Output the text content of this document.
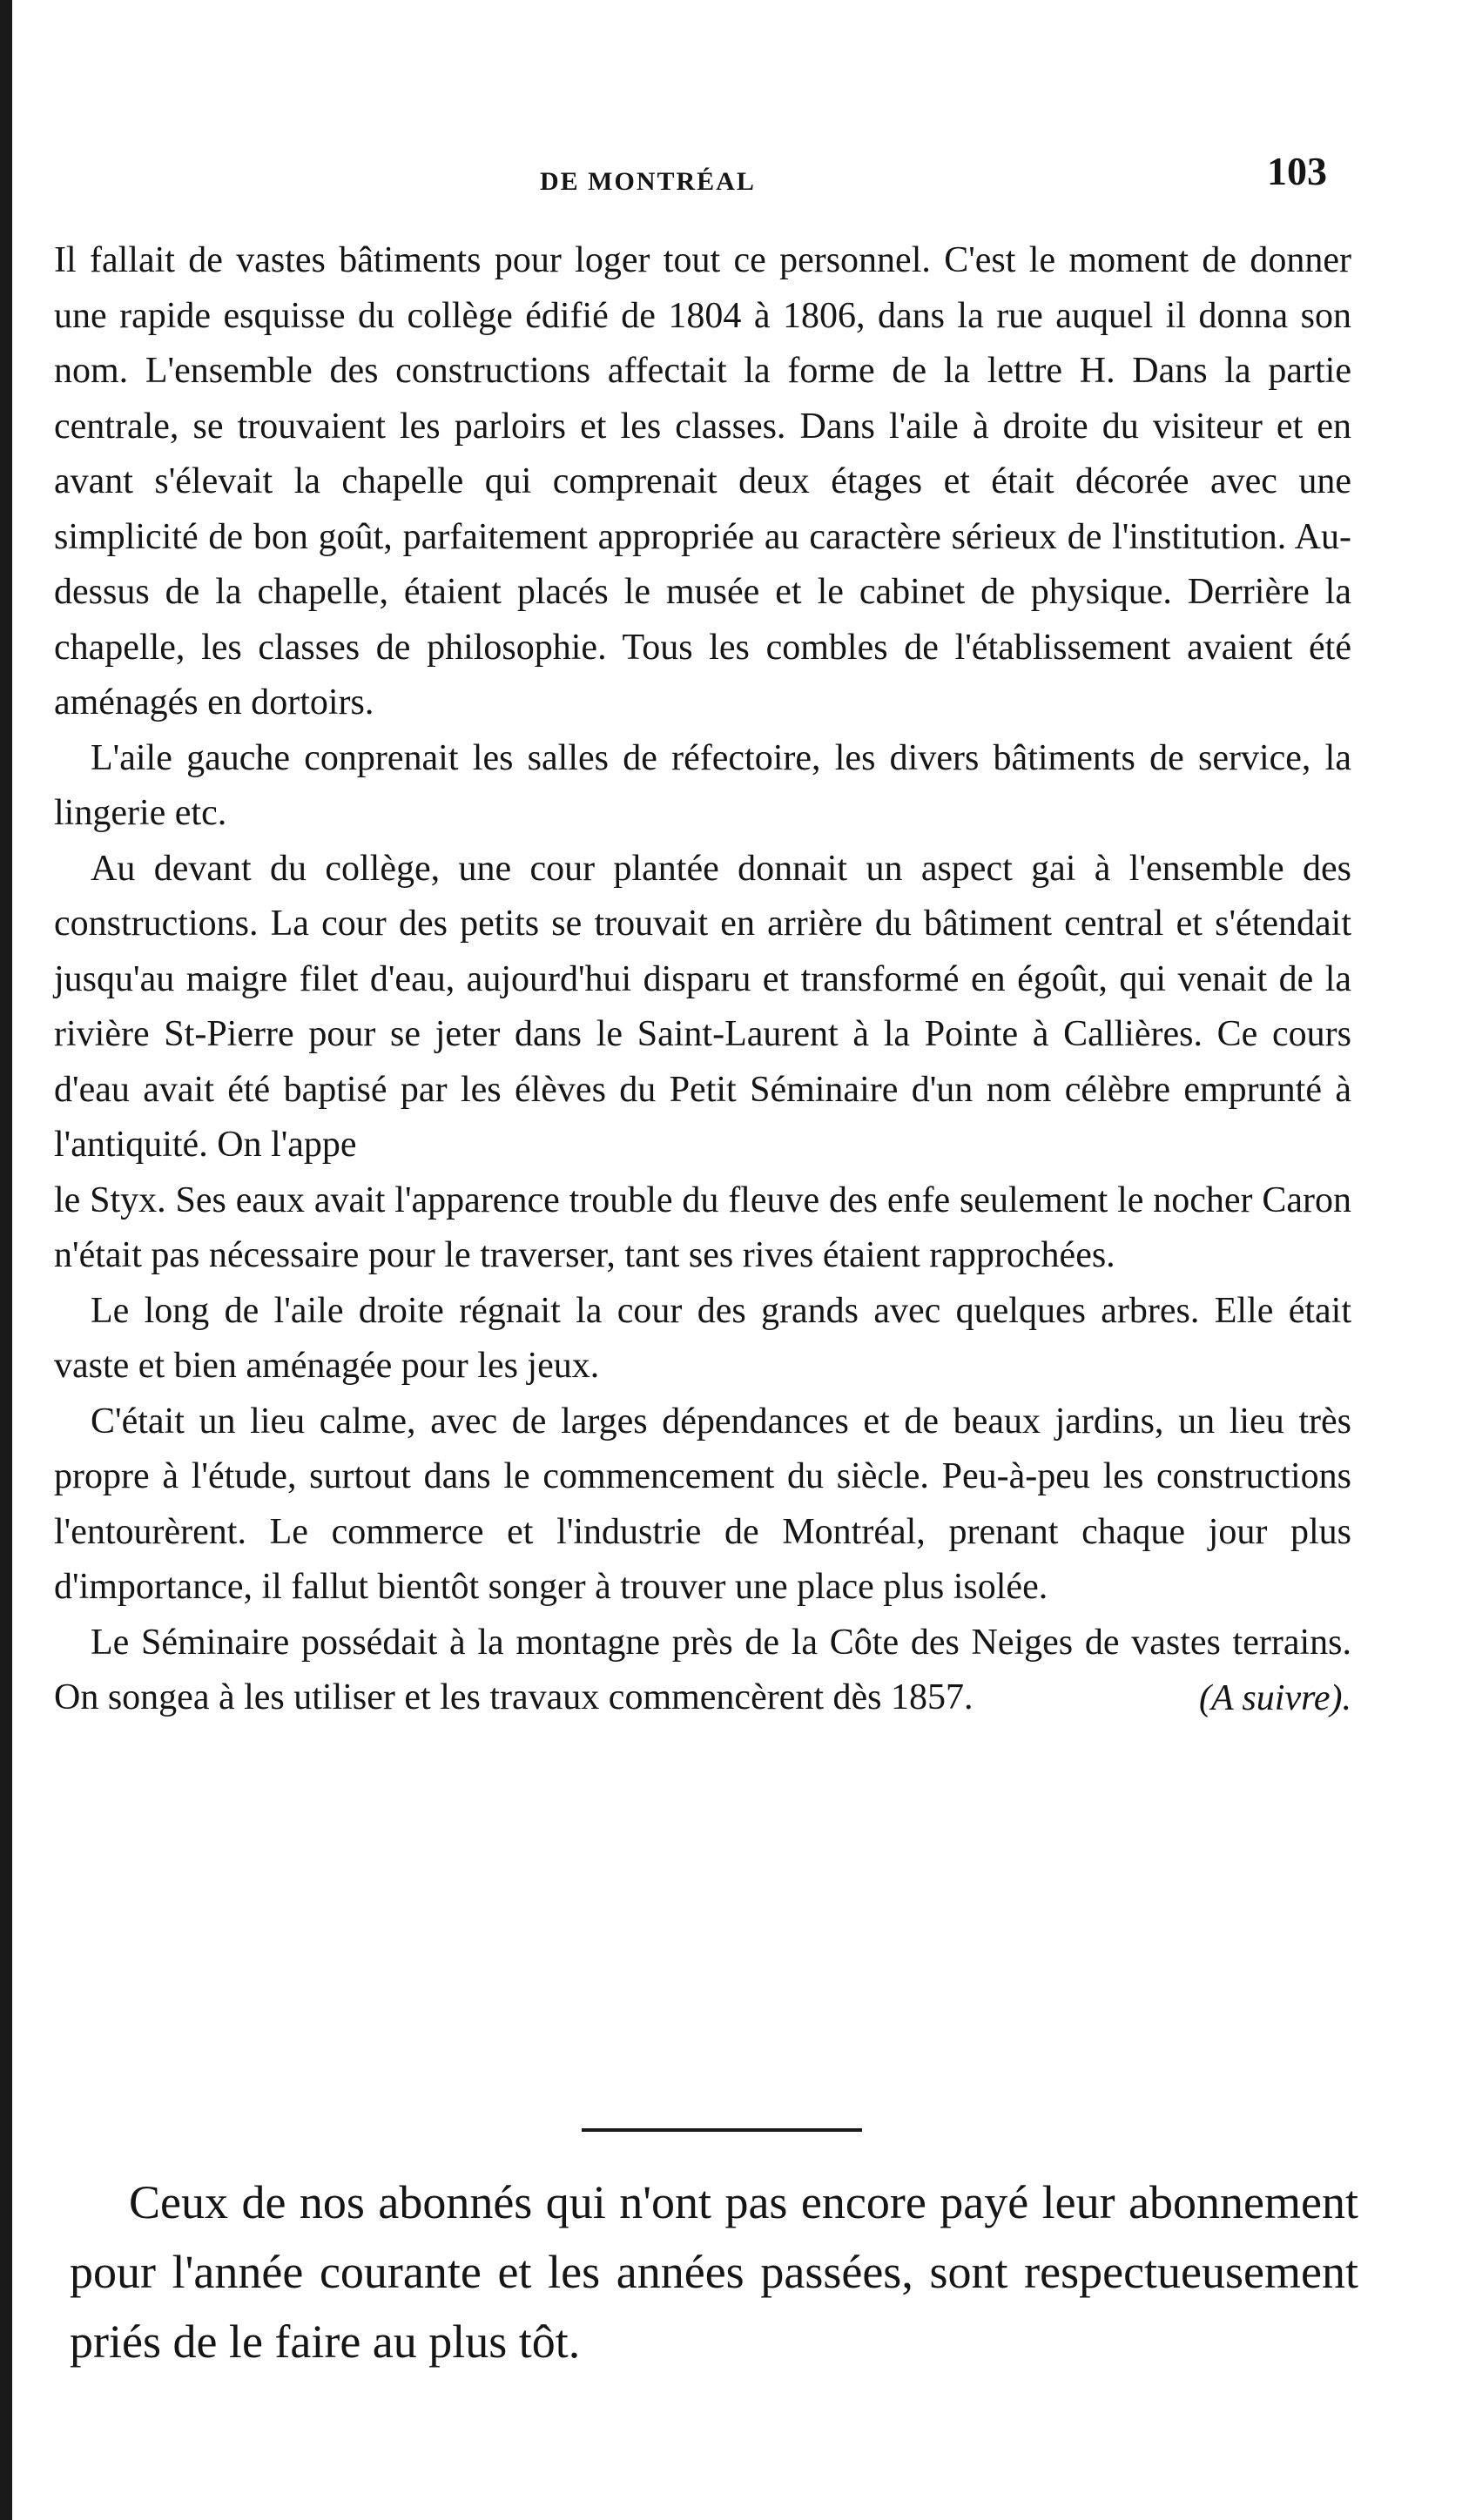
DE MONTRÉAL	103

Il fallait de vastes bâtiments pour loger tout ce personnel. C'est le moment de donner une rapide esquisse du collège édifié de 1804 à 1806, dans la rue auquel il donna son nom. L'ensemble des constructions affectait la forme de la lettre H. Dans la partie centrale, se trouvaient les parloirs et les classes. Dans l'aile à droite du visiteur et en avant s'élevait la chapelle qui comprenait deux étages et était décorée avec une simplicité de bon goût, parfaitement appropriée au caractère sérieux de l'institution. Au-dessus de la chapelle, étaient placés le musée et le cabinet de physique. Derrière la chapelle, les classes de philosophie. Tous les combles de l'établissement avaient été aménagés en dortoirs.

L'aile gauche conprenait les salles de réfectoire, les divers bâtiments de service, la lingerie etc.

Au devant du collège, une cour plantée donnait un aspect gai à l'ensemble des constructions. La cour des petits se trouvait en arrière du bâtiment central et s'étendait jusqu'au maigre filet d'eau, aujourd'hui disparu et transformé en égoût, qui venait de la rivière St-Pierre pour se jeter dans le Saint-Laurent à la Pointe à Callières. Ce cours d'eau avait été baptisé par les élèves du Petit Séminaire d'un nom célèbre emprunté à l'antiquité. On l'appe

le Styx. Ses eaux avait l'apparence trouble du fleuve des enfe seulement le nocher Caron n'était pas nécessaire pour le traverser, tant ses rives étaient rapprochées.

Le long de l'aile droite régnait la cour des grands avec quelques arbres. Elle était vaste et bien aménagée pour les jeux.

C'était un lieu calme, avec de larges dépendances et de beaux jardins, un lieu très propre à l'étude, surtout dans le commencement du siècle. Peu-à-peu les constructions l'entourèrent. Le commerce et l'industrie de Montréal, prenant chaque jour plus d'importance, il fallut bientôt songer à trouver une place plus isolée.

Le Séminaire possédait à la montagne près de la Côte des Neiges de vastes terrains. On songea à les utiliser et les travaux commencèrent dès 1857.	(A suivre).

Ceux de nos abonnés qui n'ont pas encore payé leur abonnement pour l'année courante et les années passées, sont respectueusement priés de le faire au plus tôt.
